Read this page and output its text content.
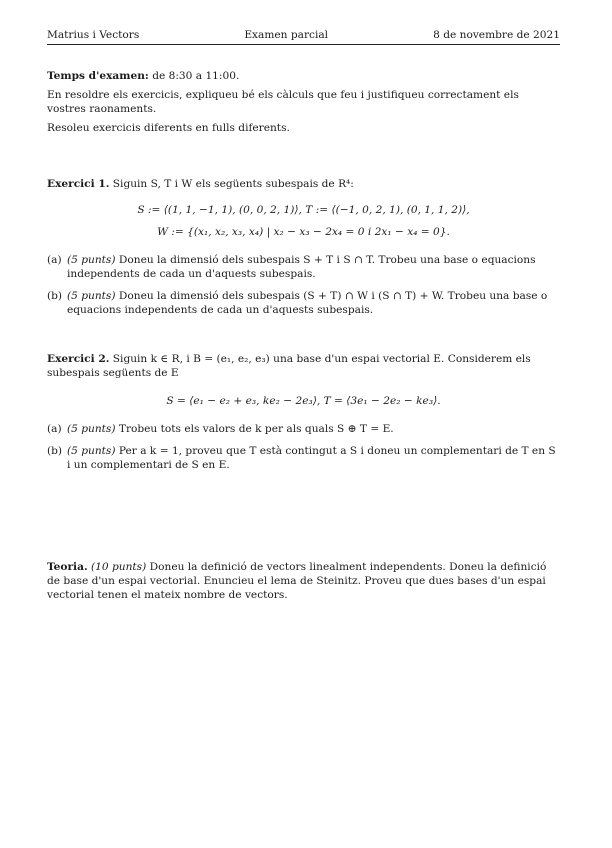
Matrius i Vectors	Examen parcial	8 de novembre de 2021

Temps d'examen: de 8:30 a 11:00.

En resoldre els exercicis, expliqueu bé els càlculs que feu i justifiqueu correctament els vostres raonaments.

Resoleu exercicis diferents en fulls diferents.

Exercici 1. Siguin S, T i W els següents subespais de R⁴:

S := ⟨(1, 1, −1, 1), (0, 0, 2, 1)⟩, T := ⟨(−1, 0, 2, 1), (0, 1, 1, 2)⟩,

W := {(x₁, x₂, x₃, x₄) | x₂ − x₃ − 2x₄ = 0 i 2x₁ − x₄ = 0}.

(a) (5 punts) Doneu la dimensió dels subespais S + T i S ∩ T. Trobeu una base o equacions independents de cada un d'aquests subespais.
(b) (5 punts) Doneu la dimensió dels subespais (S + T) ∩ W i (S ∩ T) + W. Trobeu una base o equacions independents de cada un d'aquests subespais.

Exercici 2. Siguin k ∈ R, i B = (e₁, e₂, e₃) una base d'un espai vectorial E. Considerem els subespais següents de E

S = ⟨e₁ − e₂ + e₃, ke₂ − 2e₃⟩, T = ⟨3e₁ − 2e₂ − ke₃⟩.

(a) (5 punts) Trobeu tots els valors de k per als quals S ⊕ T = E.
(b) (5 punts) Per a k = 1, proveu que T està contingut a S i doneu un complementari de T en S i un complementari de S en E.

Teoria. (10 punts) Doneu la definició de vectors linealment independents. Doneu la definició de base d'un espai vectorial. Enuncieu el lema de Steinitz. Proveu que dues bases d'un espai vectorial tenen el mateix nombre de vectors.
